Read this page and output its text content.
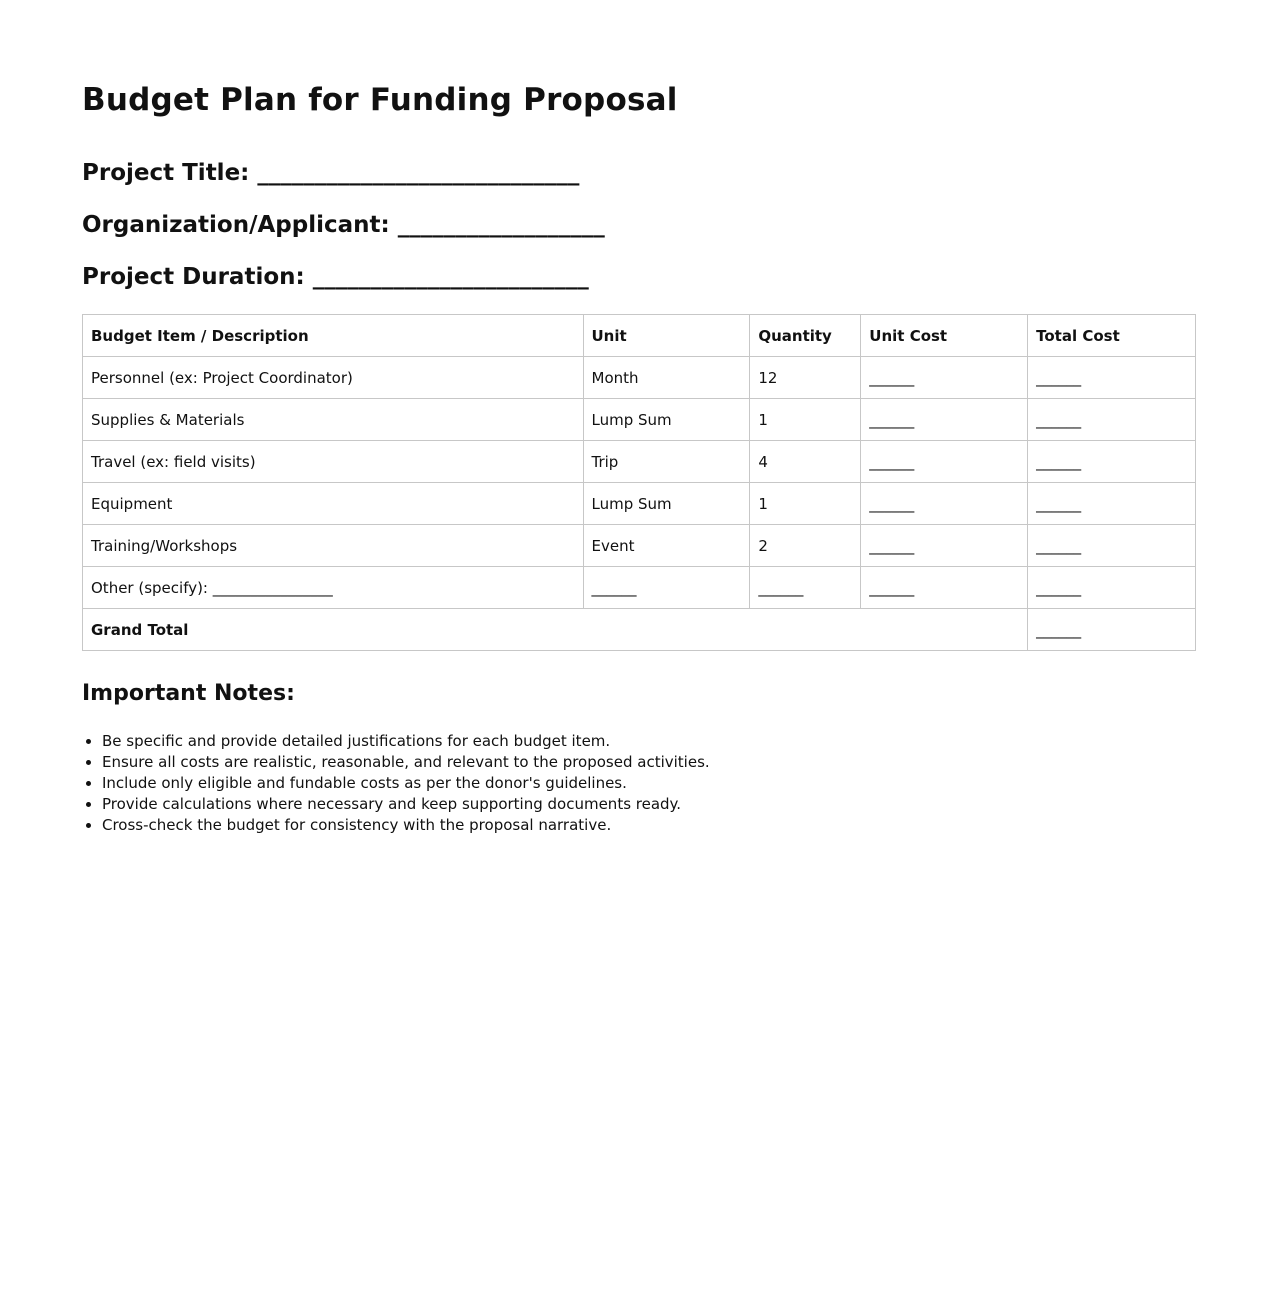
Budget Plan for Funding Proposal
Project Title: ____________________________
Organization/Applicant: __________________
Project Duration: ________________________
Budget Item / Description	Unit	Quantity	Unit Cost	Total Cost
Personnel (ex: Project Coordinator)	Month	12	______	______
Supplies & Materials	Lump Sum	1	______	______
Travel (ex: field visits)	Trip	4	______	______
Equipment	Lump Sum	1	______	______
Training/Workshops	Event	2	______	______
Other (specify): ________________	______	______	______	______
Grand Total				______
Important Notes:
• Be specific and provide detailed justifications for each budget item.
• Ensure all costs are realistic, reasonable, and relevant to the proposed activities.
• Include only eligible and fundable costs as per the donor's guidelines.
• Provide calculations where necessary and keep supporting documents ready.
• Cross-check the budget for consistency with the proposal narrative.
